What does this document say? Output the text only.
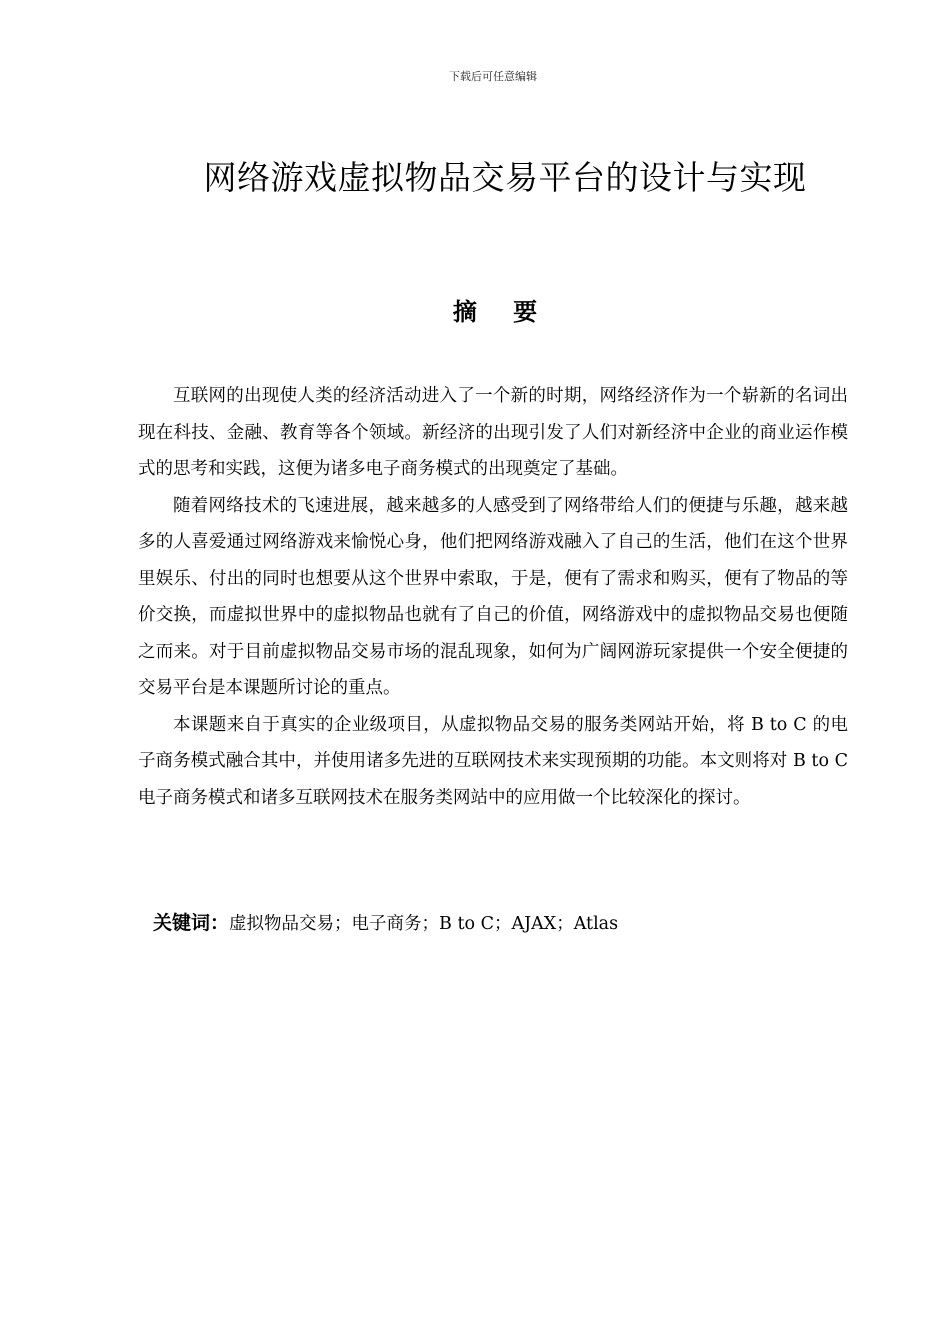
下载后可任意编辑
网络游戏虚拟物品交易平台的设计与实现
摘 要

互联网的出现使人类的经济活动进入了一个新的时期，网络经济作为一个崭新的名词出现在科技、金融、教育等各个领域。新经济的出现引发了人们对新经济中企业的商业运作模式的思考和实践，这便为诸多电子商务模式的出现奠定了基础。

随着网络技术的飞速进展，越来越多的人感受到了网络带给人们的便捷与乐趣，越来越多的人喜爱通过网络游戏来愉悦心身，他们把网络游戏融入了自己的生活，他们在这个世界里娱乐、付出的同时也想要从这个世界中索取，于是，便有了需求和购买，便有了物品的等价交换，而虚拟世界中的虚拟物品也就有了自己的价值，网络游戏中的虚拟物品交易也便随之而来。对于目前虚拟物品交易市场的混乱现象，如何为广阔网游玩家提供一个安全便捷的交易平台是本课题所讨论的重点。

本课题来自于真实的企业级项目，从虚拟物品交易的服务类网站开始，将 B to C 的电子商务模式融合其中，并使用诸多先进的互联网技术来实现预期的功能。本文则将对 B to C 电子商务模式和诸多互联网技术在服务类网站中的应用做一个比较深化的探讨。

关键词：虚拟物品交易；电子商务；B to C；AJAX；Atlas
